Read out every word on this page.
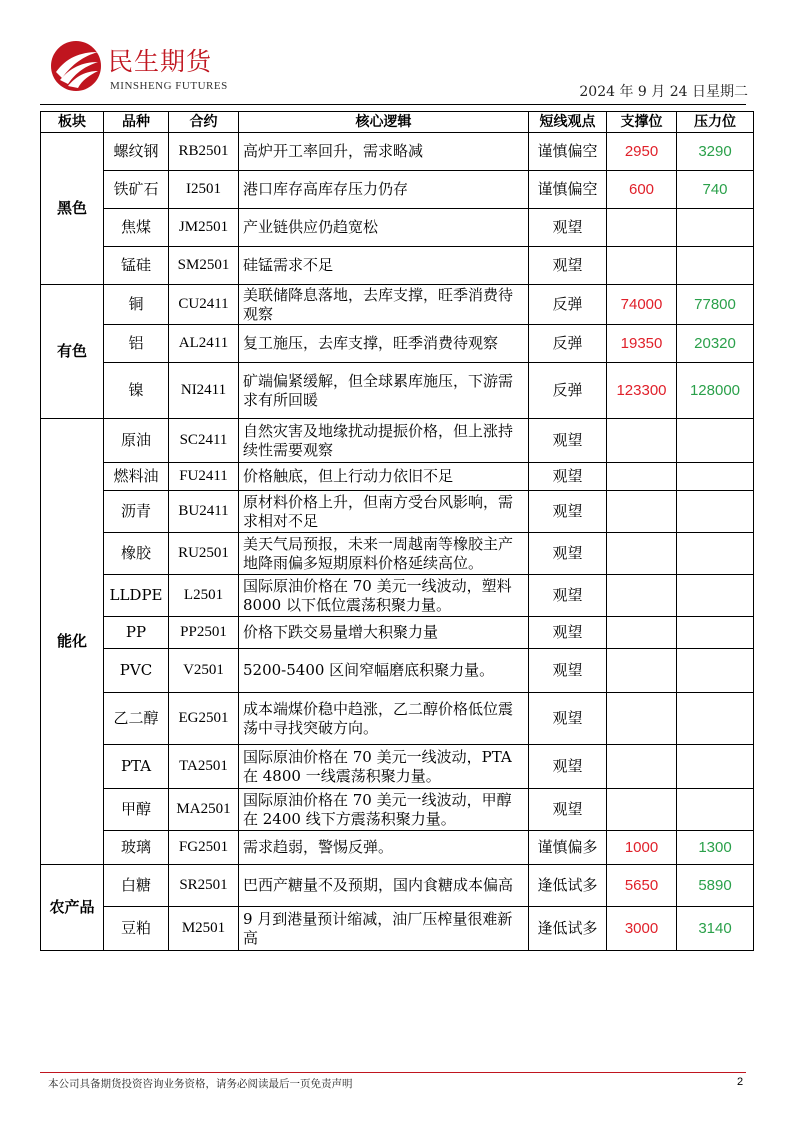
民生期货
MINSHENG FUTURES	2024 年 9 月 24 日星期二
板块	品种	合约	核心逻辑	短线观点	支撑位	压力位
黑色	螺纹钢	RB2501	高炉开工率回升，需求略减	谨慎偏空	2950	3290
	铁矿石	I2501	港口库存高库存压力仍存	谨慎偏空	600	740
	焦煤	JM2501	产业链供应仍趋宽松	观望		
	锰硅	SM2501	硅锰需求不足	观望		
有色	铜	CU2411	美联储降息落地，去库支撑，旺季消费待观察	反弹	74000	77800
	铝	AL2411	复工施压，去库支撑，旺季消费待观察	反弹	19350	20320
	镍	NI2411	矿端偏紧缓解，但全球累库施压，下游需求有所回暖	反弹	123300	128000
能化	原油	SC2411	自然灾害及地缘扰动提振价格，但上涨持续性需要观察	观望		
	燃料油	FU2411	价格触底，但上行动力依旧不足	观望		
	沥青	BU2411	原材料价格上升，但南方受台风影响，需求相对不足	观望		
	橡胶	RU2501	美天气局预报，未来一周越南等橡胶主产地降雨偏多短期原料价格延续高位。	观望		
	LLDPE	L2501	国际原油价格在 70 美元一线波动，塑料 8000 以下低位震荡积聚力量。	观望		
	PP	PP2501	价格下跌交易量增大积聚力量	观望		
	PVC	V2501	5200-5400 区间窄幅磨底积聚力量。	观望		
	乙二醇	EG2501	成本端煤价稳中趋涨，乙二醇价格低位震荡中寻找突破方向。	观望		
	PTA	TA2501	国际原油价格在 70 美元一线波动，PTA 在 4800 一线震荡积聚力量。	观望		
	甲醇	MA2501	国际原油价格在 70 美元一线波动，甲醇在 2400 线下方震荡积聚力量。	观望		
	玻璃	FG2501	需求趋弱，警惕反弹。	谨慎偏多	1000	1300
农产品	白糖	SR2501	巴西产糖量不及预期，国内食糖成本偏高	逢低试多	5650	5890
	豆粕	M2501	9 月到港量预计缩减，油厂压榨量很难新高	逢低试多	3000	3140
本公司具备期货投资咨询业务资格，请务必阅读最后一页免责声明	2
